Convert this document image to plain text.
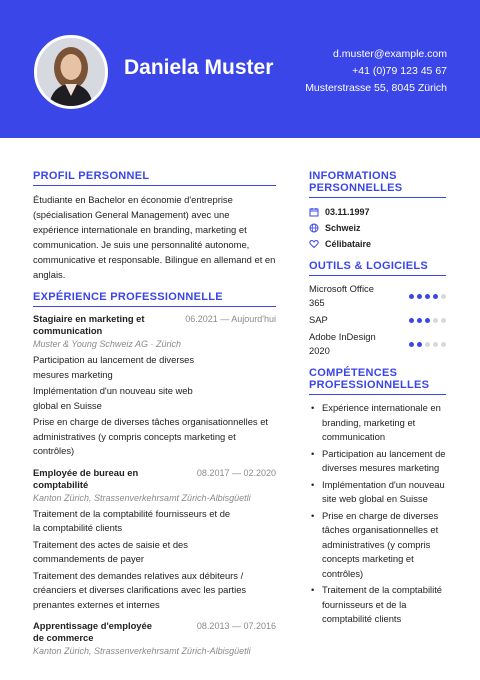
Daniela Muster
d.muster@example.com
+41 (0)79 123 45 67
Musterstrasse 55, 8045 Zürich
PROFIL PERSONNEL
Étudiante en Bachelor en économie d'entreprise (spécialisation General Management) avec une expérience internationale en branding, marketing et communication. Je suis une personnalité autonome, communicative et responsable. Bilingue en allemand et en anglais.
EXPÉRIENCE PROFESSIONNELLE
Stagiaire en marketing et communication
06.2021 — Aujourd'hui
Muster & Young Schweiz AG · Zürich
Participation au lancement de diverses mesures marketing
Implémentation d'un nouveau site web global en Suisse
Prise en charge de diverses tâches organisationnelles et administratives (y compris concepts marketing et contrôles)
Employée de bureau en comptabilité
08.2017 — 02.2020
Kanton Zürich, Strassenverkehrsamt Zürich-Albisgüetli
Traitement de la comptabilité fournisseurs et de la comptabilité clients
Traitement des actes de saisie et des commandements de payer
Traitement des demandes relatives aux débiteurs / créanciers et diverses clarifications avec les parties prenantes externes et internes
Apprentissage d'employée de commerce
08.2013 — 07.2016
Kanton Zürich, Strassenverkehrsamt Zürich-Albisgüetli
INFORMATIONS PERSONNELLES
03.11.1997
Schweiz
Célibataire
OUTILS & LOGICIELS
Microsoft Office 365
SAP
Adobe InDesign 2020
COMPÉTENCES PROFESSIONNELLES
• Expérience internationale en branding, marketing et communication
• Participation au lancement de diverses mesures marketing
• Implémentation d'un nouveau site web global en Suisse
• Prise en charge de diverses tâches organisationnelles et administratives (y compris concepts marketing et contrôles)
• Traitement de la comptabilité fournisseurs et de la comptabilité clients
